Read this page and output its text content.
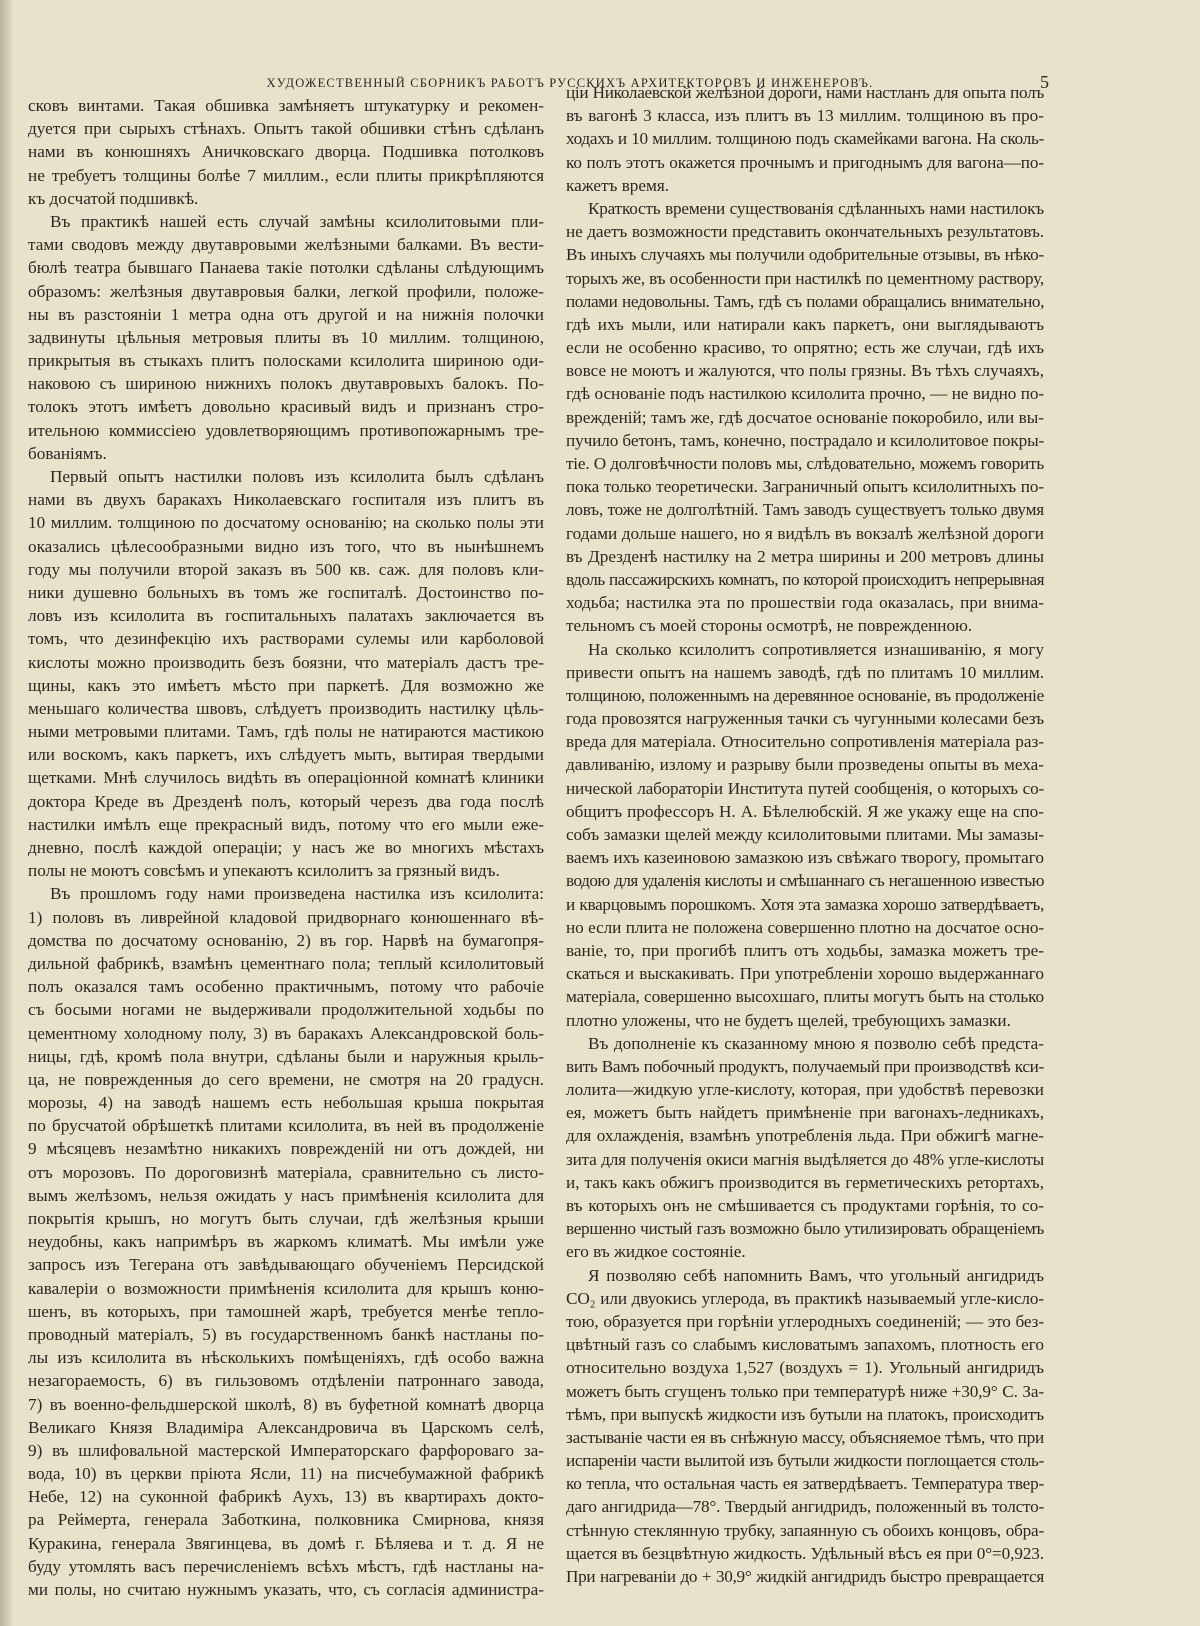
ХУДОЖЕСТВЕННЫЙ СБОРНИКЪ РАБОТЪ РУССКИХЪ АРХИТЕКТОРОВЪ И ИНЖЕНЕРОВЪ.	5
сковъ винтами. Такая обшивка замѣняетъ штукатурку и рекомен-
дуется при сырыхъ стѣнахъ. Опытъ такой обшивки стѣнъ сдѣланъ
нами въ конюшняхъ Аничковскаго дворца. Подшивка потолковъ
не требуетъ толщины болѣе 7 миллим., если плиты прикрѣпляются
къ досчатой подшивкѣ.
Въ практикѣ нашей есть случай замѣны ксилолитовыми пли-
тами сводовъ между двутавровыми желѣзными балками. Въ вести-
бюлѣ театра бывшаго Панаева такіе потолки сдѣланы слѣдующимъ
образомъ: желѣзныя двутавровыя балки, легкой профили, положе-
ны въ разстояніи 1 метра одна отъ другой и на нижнія полочки
задвинуты цѣльныя метровыя плиты въ 10 миллим. толщиною,
прикрытыя въ стыкахъ плитъ полосками ксилолита шириною оди-
наковою съ шириною нижнихъ полокъ двутавровыхъ балокъ. По-
толокъ этотъ имѣетъ довольно красивый видъ и признанъ стро-
ительною коммиссіею удовлетворяющимъ противопожарнымъ тре-
бованіямъ.
Первый опытъ настилки половъ изъ ксилолита былъ сдѣланъ
нами въ двухъ баракахъ Николаевскаго госпиталя изъ плитъ въ
10 миллим. толщиною по досчатому основанію; на сколько полы эти
оказались цѣлесообразными видно изъ того, что въ нынѣшнемъ
году мы получили второй заказъ въ 500 кв. саж. для половъ кли-
ники душевно больныхъ въ томъ же госпиталѣ. Достоинство по-
ловъ изъ ксилолита въ госпитальныхъ палатахъ заключается въ
томъ, что дезинфекцію ихъ растворами сулемы или карболовой
кислоты можно производить безъ боязни, что матеріалъ дастъ тре-
щины, какъ это имѣетъ мѣсто при паркетѣ. Для возможно же
меньшаго количества швовъ, слѣдуетъ производить настилку цѣль-
ными метровыми плитами. Тамъ, гдѣ полы не натираются мастикою
или воскомъ, какъ паркетъ, ихъ слѣдуетъ мыть, вытирая твердыми
щетками. Мнѣ случилось видѣть въ операціонной комнатѣ клиники
доктора Креде въ Дрезденѣ полъ, который черезъ два года послѣ
настилки имѣлъ еще прекрасный видъ, потому что его мыли еже-
дневно, послѣ каждой операціи; у насъ же во многихъ мѣстахъ
полы не моютъ совсѣмъ и упекаютъ ксилолитъ за грязный видъ.
Въ прошломъ году нами произведена настилка изъ ксилолита:
1) половъ въ ливрейной кладовой придворнаго конюшеннаго вѣ-
домства по досчатому основанію, 2) въ гор. Нарвѣ на бумагопря-
дильной фабрикѣ, взамѣнъ цементнаго пола; теплый ксилолитовый
полъ оказался тамъ особенно практичнымъ, потому что рабочіе
съ босыми ногами не выдерживали продолжительной ходьбы по
цементному холодному полу, 3) въ баракахъ Александровской боль-
ницы, гдѣ, кромѣ пола внутри, сдѣланы были и наружныя крыль-
ца, не поврежденныя до сего времени, не смотря на 20 градусн.
морозы, 4) на заводѣ нашемъ есть небольшая крыша покрытая
по брусчатой обрѣшеткѣ плитами ксилолита, въ ней въ продолженіе
9 мѣсяцевъ незамѣтно никакихъ поврежденій ни отъ дождей, ни
отъ морозовъ. По дороговизнѣ матеріала, сравнительно съ листо-
вымъ желѣзомъ, нельзя ожидать у насъ примѣненія ксилолита для
покрытія крышъ, но могутъ быть случаи, гдѣ желѣзныя крыши
неудобны, какъ напримѣръ въ жаркомъ климатѣ. Мы имѣли уже
запросъ изъ Тегерана отъ завѣдывающаго обученіемъ Персидской
кавалеріи о возможности примѣненія ксилолита для крышъ коню-
шенъ, въ которыхъ, при тамошней жарѣ, требуется менѣе тепло-
проводный матеріалъ, 5) въ государственномъ банкѣ настланы по-
лы изъ ксилолита въ нѣсколькихъ помѣщеніяхъ, гдѣ особо важна
незагораемость, 6) въ гильзовомъ отдѣленіи патроннаго завода,
7) въ военно-фельдшерской школѣ, 8) въ буфетной комнатѣ дворца
Великаго Князя Владиміра Александровича въ Царскомъ селѣ,
9) въ шлифовальной мастерской Императорскаго фарфороваго за-
вода, 10) въ церкви пріюта Ясли, 11) на писчебумажной фабрикѣ
Небе, 12) на суконной фабрикѣ Аухъ, 13) въ квартирахъ докто-
ра Реймерта, генерала Заботкина, полковника Смирнова, князя
Куракина, генерала Звягинцева, въ домѣ г. Бѣляева и т. д. Я не
буду утомлять васъ перечисленіемъ всѣхъ мѣстъ, гдѣ настланы на-
ми полы, но считаю нужнымъ указать, что, съ согласія администра-
ціи Николаевской желѣзной дороги, нами настланъ для опыта полъ
въ вагонѣ 3 класса, изъ плитъ въ 13 миллим. толщиною въ про-
ходахъ и 10 миллим. толщиною подъ скамейками вагона. На сколь-
ко полъ этотъ окажется прочнымъ и пригоднымъ для вагона—по-
кажетъ время.
Краткость времени существованія сдѣланныхъ нами настилокъ
не даетъ возможности представить окончательныхъ результатовъ.
Въ иныхъ случаяхъ мы получили одобрительные отзывы, въ нѣко-
торыхъ же, въ особенности при настилкѣ по цементному раствору,
полами недовольны. Тамъ, гдѣ съ полами обращались внимательно,
гдѣ ихъ мыли, или натирали какъ паркетъ, они выглядываютъ
если не особенно красиво, то опрятно; есть же случаи, гдѣ ихъ
вовсе не моютъ и жалуются, что полы грязны. Въ тѣхъ случаяхъ,
гдѣ основаніе подъ настилкою ксилолита прочно, — не видно по-
врежденій; тамъ же, гдѣ досчатое основаніе покоробило, или вы-
пучило бетонъ, тамъ, конечно, пострадало и ксилолитовое покры-
тіе. О долговѣчности половъ мы, слѣдовательно, можемъ говорить
пока только теоретически. Заграничный опытъ ксилолитныхъ по-
ловъ, тоже не долголѣтній. Тамъ заводъ существуетъ только двумя
годами дольше нашего, но я видѣлъ въ вокзалѣ желѣзной дороги
въ Дрезденѣ настилку на 2 метра ширины и 200 метровъ длины
вдоль пассажирскихъ комнатъ, по которой происходитъ непрерывная
ходьба; настилка эта по прошествіи года оказалась, при внима-
тельномъ съ моей стороны осмотрѣ, не поврежденною.
На сколько ксилолитъ сопротивляется изнашиванію, я могу
привести опытъ на нашемъ заводѣ, гдѣ по плитамъ 10 миллим.
толщиною, положеннымъ на деревянное основаніе, въ продолженіе
года провозятся нагруженныя тачки съ чугунными колесами безъ
вреда для матеріала. Относительно сопротивленія матеріала раз-
давливанію, излому и разрыву были прозведены опыты въ меха-
нической лабораторіи Института путей сообщенія, о которыхъ со-
общитъ профессоръ Н. А. Бѣлелюбскій. Я же укажу еще на спо-
собъ замазки щелей между ксилолитовыми плитами. Мы замазы-
ваемъ ихъ казеиновою замазкою изъ свѣжаго творогу, промытаго
водою для удаленія кислоты и смѣшаннаго съ негашенною известью
и кварцовымъ порошкомъ. Хотя эта замазка хорошо затвердѣваетъ,
но если плита не положена совершенно плотно на досчатое осно-
ваніе, то, при прогибѣ плитъ отъ ходьбы, замазка можетъ тре-
скаться и выскакивать. При употребленіи хорошо выдержаннаго
матеріала, совершенно высохшаго, плиты могутъ быть на столько
плотно уложены, что не будетъ щелей, требующихъ замазки.
Въ дополненіе къ сказанному мною я позволю себѣ предста-
вить Вамъ побочный продуктъ, получаемый при производствѣ кси-
лолита—жидкую угле-кислоту, которая, при удобствѣ перевозки
ея, можетъ быть найдетъ примѣненіе при вагонахъ-ледникахъ,
для охлажденія, взамѣнъ употребленія льда. При обжигѣ магне-
зита для полученія окиси магнія выдѣляется до 48% угле-кислоты
и, такъ какъ обжигъ производится въ герметическихъ ретортахъ,
въ которыхъ онъ не смѣшивается съ продуктами горѣнія, то со-
вершенно чистый газъ возможно было утилизировать обращеніемъ
его въ жидкое состояніе.
Я позволяю себѣ напомнить Вамъ, что угольный ангидридъ
CO₂ или двуокись углерода, въ практикѣ называемый угле-кисло-
тою, образуется при горѣніи углеродныхъ соединеній; — это без-
цвѣтный газъ со слабымъ кисловатымъ запахомъ, плотность его
относительно воздуха 1,527 (воздухъ = 1). Угольный ангидридъ
можетъ быть сгущенъ только при температурѣ ниже +30,9° С. За-
тѣмъ, при выпускѣ жидкости изъ бутыли на платокъ, происходитъ
застываніе части ея въ снѣжную массу, объясняемое тѣмъ, что при
испареніи части вылитой изъ бутыли жидкости поглощается столь-
ко тепла, что остальная часть ея затвердѣваетъ. Температура твер-
даго ангидрида—78°. Твердый ангидридъ, положенный въ толсто-
стѣнную стеклянную трубку, запаянную съ обоихъ концовъ, обра-
щается въ безцвѣтную жидкость. Удѣльный вѣсъ ея при 0°=0,923.
При нагреваніи до + 30,9° жидкій ангидридъ быстро превращается
